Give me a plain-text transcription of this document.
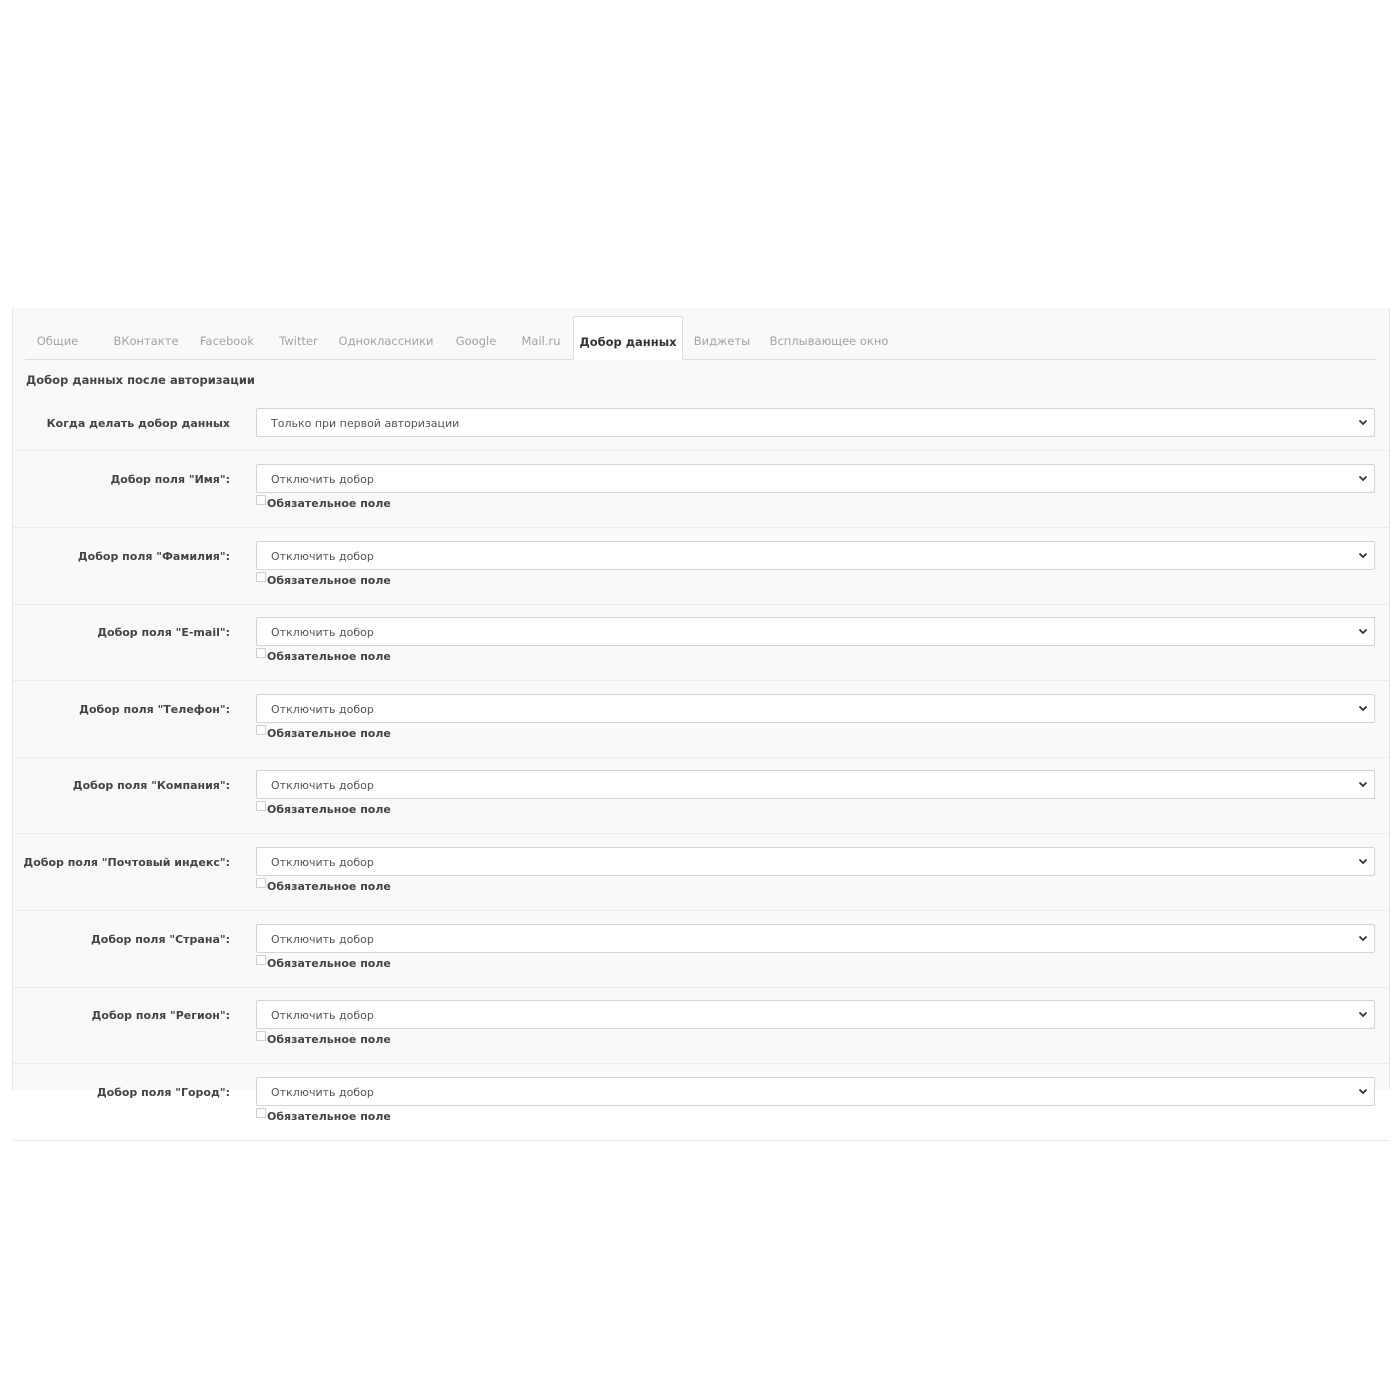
Общие	ВКонтакте	Facebook	Twitter	Одноклассники	Google	Mail.ru	Добор данных	Виджеты	Всплывающее окно
Добор данных после авторизации
Когда делать добор данных	Только при первой авторизации
Добор поля "Имя":	Отключить добор
Обязательное поле
Добор поля "Фамилия":	Отключить добор
Обязательное поле
Добор поля "E-mail":	Отключить добор
Обязательное поле
Добор поля "Телефон":	Отключить добор
Обязательное поле
Добор поля "Компания":	Отключить добор
Обязательное поле
Добор поля "Почтовый индекс":	Отключить добор
Обязательное поле
Добор поля "Страна":	Отключить добор
Обязательное поле
Добор поля "Регион":	Отключить добор
Обязательное поле
Добор поля "Город":	Отключить добор
Обязательное поле
